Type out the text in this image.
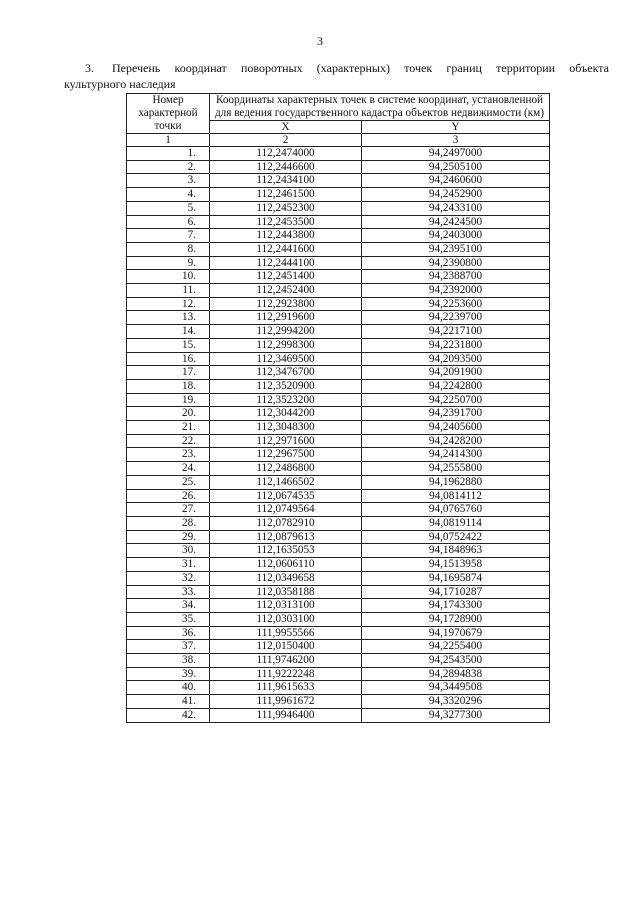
3
3. Перечень координат поворотных (характерных) точек границ территории объекта
культурного наследия
Номер характерной точки	Координаты характерных точек в системе координат, установленной для ведения государственного кадастра объектов недвижимости (км)	
	X	Y
1	2	3
1.	112,2474000	94,2497000
2.	112,2446600	94,2505100
3.	112,2434100	94,2460600
4.	112,2461500	94,2452900
5.	112,2452300	94,2433100
6.	112,2453500	94,2424500
7.	112,2443800	94,2403000
8.	112,2441600	94,2395100
9.	112,2444100	94,2390800
10.	112,2451400	94,2388700
11.	112,2452400	94,2392000
12.	112,2923800	94,2253600
13.	112,2919600	94,2239700
14.	112,2994200	94,2217100
15.	112,2998300	94,2231800
16.	112,3469500	94,2093500
17.	112,3476700	94,2091900
18.	112,3520900	94,2242800
19.	112,3523200	94,2250700
20.	112,3044200	94,2391700
21.	112,3048300	94,2405600
22.	112,2971600	94,2428200
23.	112,2967500	94,2414300
24.	112,2486800	94,2555800
25.	112,1466502	94,1962880
26.	112,0674535	94,0814112
27.	112,0749564	94,0765760
28.	112,0782910	94,0819114
29.	112,0879613	94,0752422
30.	112,1635053	94,1848963
31.	112,0606110	94,1513958
32.	112,0349658	94,1695874
33.	112,0358188	94,1710287
34.	112,0313100	94,1743300
35.	112,0303100	94,1728900
36.	111,9955566	94,1970679
37.	112,0150400	94,2255400
38.	111,9746200	94,2543500
39.	111,9222248	94,2894838
40.	111,9615633	94,3449508
41.	111,9961672	94,3320296
42.	111,9946400	94,3277300
